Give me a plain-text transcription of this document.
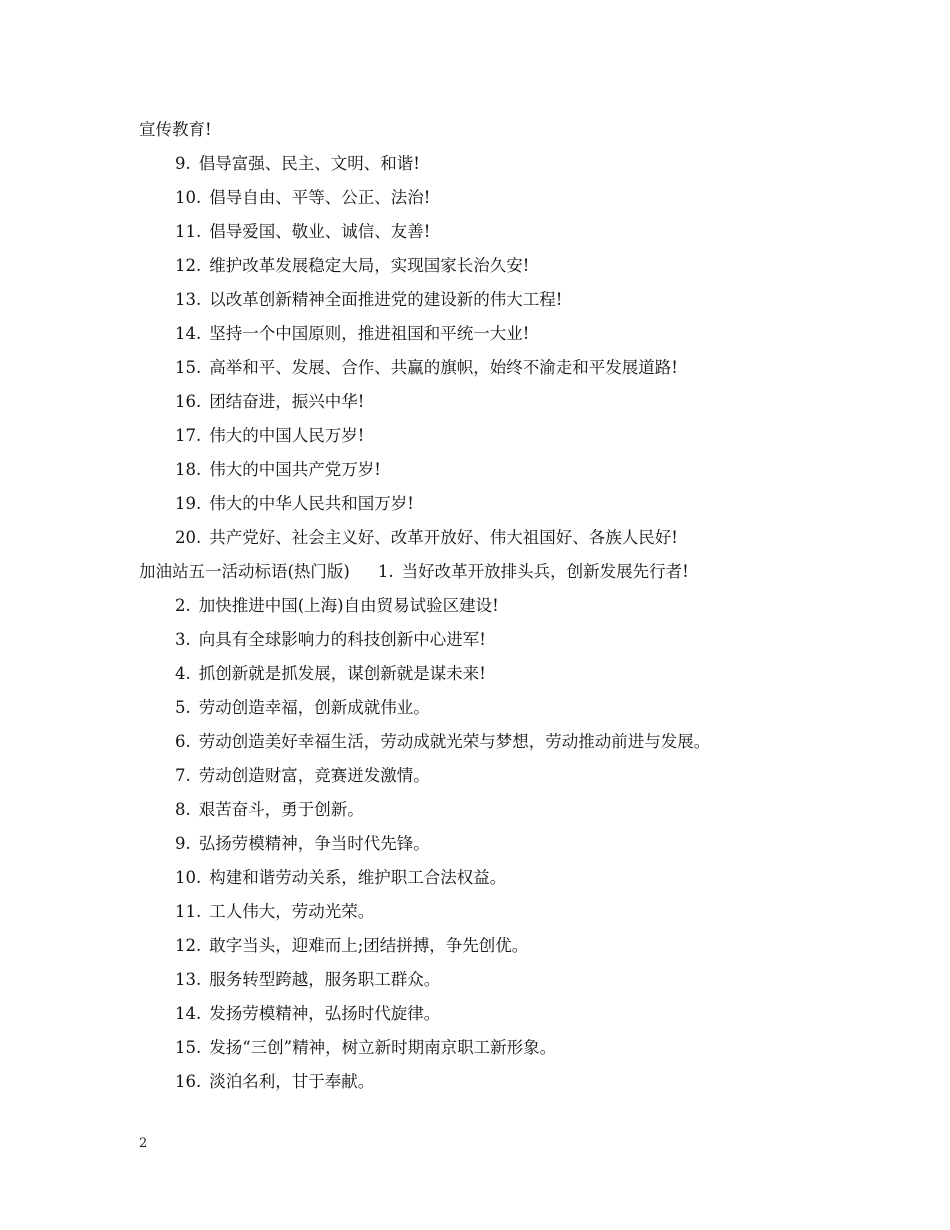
宣传教育!
9. 倡导富强、民主、文明、和谐!
10. 倡导自由、平等、公正、法治!
11. 倡导爱国、敬业、诚信、友善!
12. 维护改革发展稳定大局，实现国家长治久安!
13. 以改革创新精神全面推进党的建设新的伟大工程!
14. 坚持一个中国原则，推进祖国和平统一大业!
15. 高举和平、发展、合作、共赢的旗帜，始终不渝走和平发展道路!
16. 团结奋进，振兴中华!
17. 伟大的中国人民万岁!
18. 伟大的中国共产党万岁!
19. 伟大的中华人民共和国万岁!
20. 共产党好、社会主义好、改革开放好、伟大祖国好、各族人民好!
加油站五一活动标语(热门版) 1. 当好改革开放排头兵，创新发展先行者!
2. 加快推进中国(上海)自由贸易试验区建设!
3. 向具有全球影响力的科技创新中心进军!
4. 抓创新就是抓发展，谋创新就是谋未来!
5. 劳动创造幸福，创新成就伟业。
6. 劳动创造美好幸福生活，劳动成就光荣与梦想，劳动推动前进与发展。
7. 劳动创造财富，竞赛迸发激情。
8. 艰苦奋斗，勇于创新。
9. 弘扬劳模精神，争当时代先锋。
10. 构建和谐劳动关系，维护职工合法权益。
11. 工人伟大，劳动光荣。
12. 敢字当头，迎难而上;团结拼搏，争先创优。
13. 服务转型跨越，服务职工群众。
14. 发扬劳模精神，弘扬时代旋律。
15. 发扬“三创”精神，树立新时期南京职工新形象。
16. 淡泊名利，甘于奉献。
2
